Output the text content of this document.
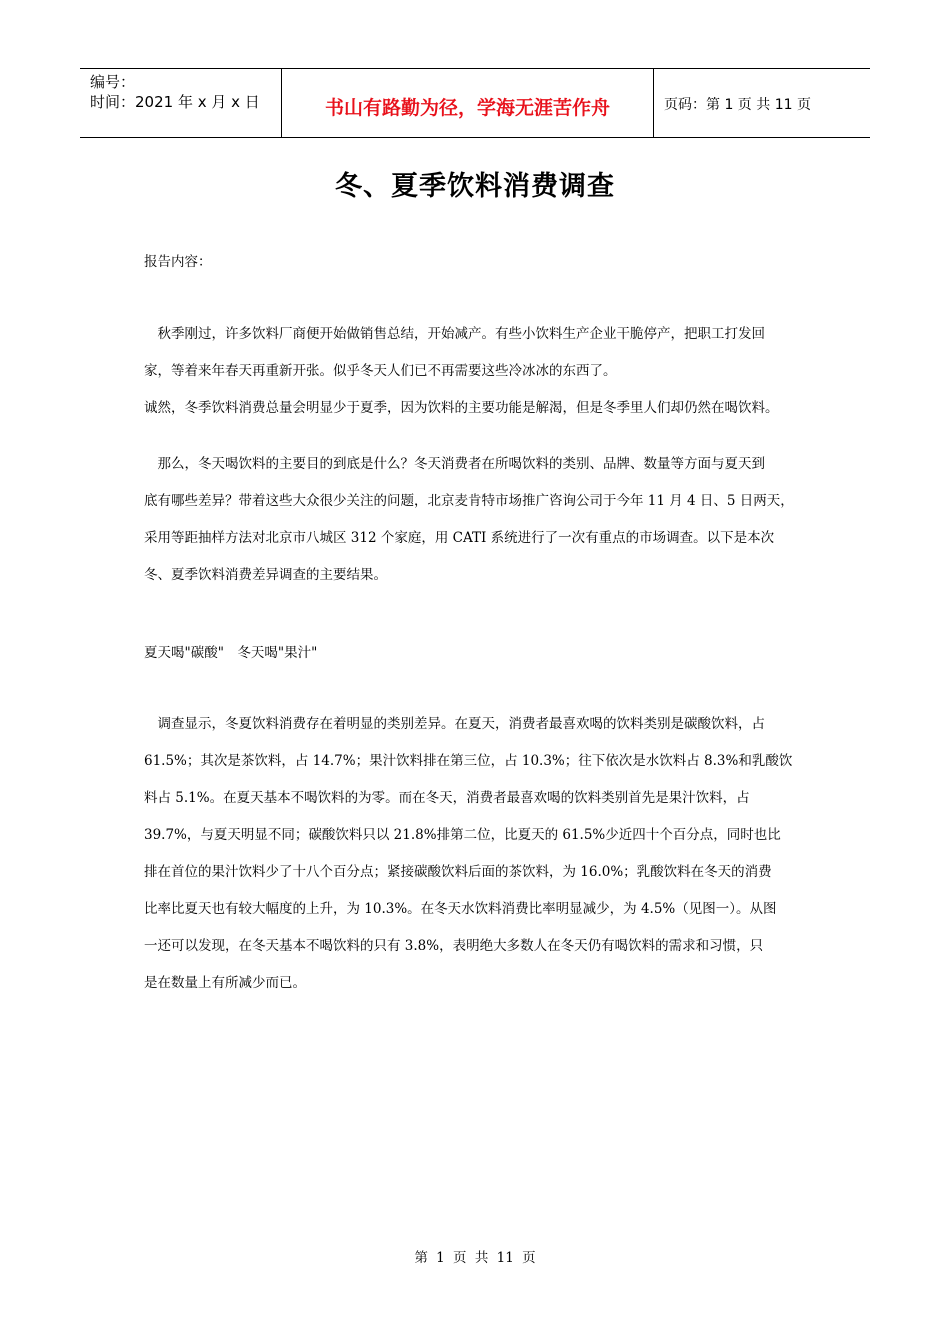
编号：
时间：2021 年 x 月 x 日	书山有路勤为径，学海无涯苦作舟	页码：第 1 页 共 11 页
冬、夏季饮料消费调查
报告内容：
　秋季刚过，许多饮料厂商便开始做销售总结，开始减产。有些小饮料生产企业干脆停产，把职工打发回
家，等着来年春天再重新开张。似乎冬天人们已不再需要这些冷冰冰的东西了。
诚然，冬季饮料消费总量会明显少于夏季，因为饮料的主要功能是解渴，但是冬季里人们却仍然在喝饮料。
　那么，冬天喝饮料的主要目的到底是什么？冬天消费者在所喝饮料的类别、品牌、数量等方面与夏天到
底有哪些差异？带着这些大众很少关注的问题，北京麦肯特市场推广咨询公司于今年 11 月 4 日、5 日两天，
采用等距抽样方法对北京市八城区 312 个家庭，用 CATI 系统进行了一次有重点的市场调查。以下是本次
冬、夏季饮料消费差异调查的主要结果。
夏天喝"碳酸"　冬天喝"果汁"
　调查显示，冬夏饮料消费存在着明显的类别差异。在夏天，消费者最喜欢喝的饮料类别是碳酸饮料，占
61.5%；其次是茶饮料，占 14.7%；果汁饮料排在第三位，占 10.3%；往下依次是水饮料占 8.3%和乳酸饮
料占 5.1%。在夏天基本不喝饮料的为零。而在冬天，消费者最喜欢喝的饮料类别首先是果汁饮料，占
39.7%，与夏天明显不同；碳酸饮料只以 21.8%排第二位，比夏天的 61.5%少近四十个百分点，同时也比
排在首位的果汁饮料少了十八个百分点；紧接碳酸饮料后面的茶饮料，为 16.0%；乳酸饮料在冬天的消费
比率比夏天也有较大幅度的上升，为 10.3%。在冬天水饮料消费比率明显减少，为 4.5%（见图一）。从图
一还可以发现，在冬天基本不喝饮料的只有 3.8%，表明绝大多数人在冬天仍有喝饮料的需求和习惯，只
是在数量上有所减少而已。
第 1 页 共 11 页
